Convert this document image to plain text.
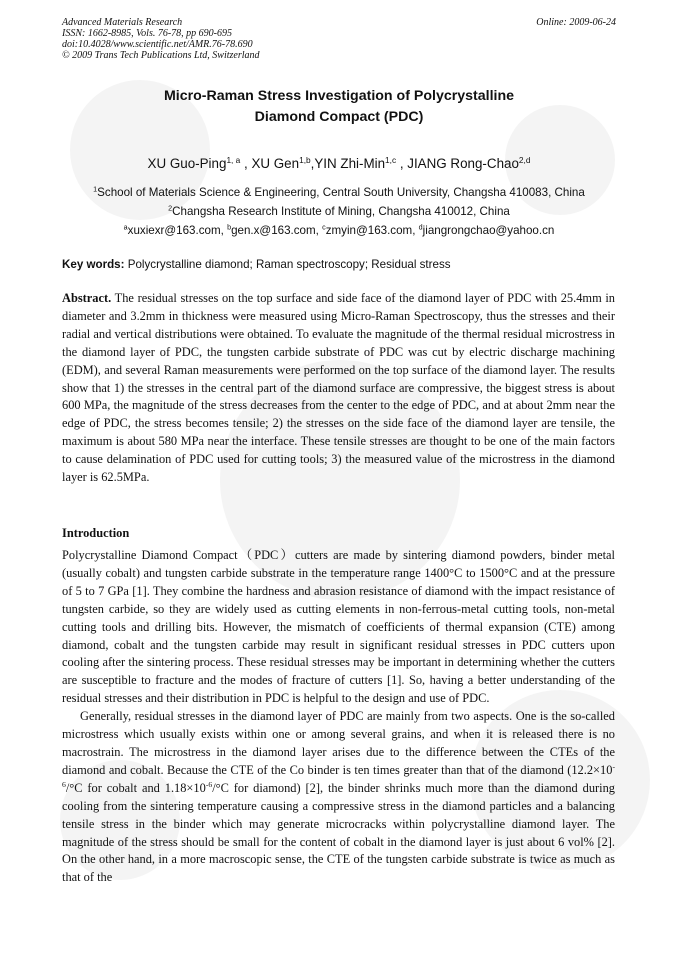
Advanced Materials Research
ISSN: 1662-8985, Vols. 76-78, pp 690-695
doi:10.4028/www.scientific.net/AMR.76-78.690
© 2009 Trans Tech Publications Ltd, Switzerland
Online: 2009-06-24
Micro-Raman Stress Investigation of Polycrystalline
Diamond Compact (PDC)
XU Guo-Ping$^{1, a}$ , XU Gen$^{1,b}$,YIN Zhi-Min$^{1,c}$ , JIANG Rong-Chao$^{2,d}$
$^1$School of Materials Science & Engineering, Central South University, Changsha 410083, China
$^2$Changsha Research Institute of Mining, Changsha 410012, China
$^a$xuxiexr@163.com, $^b$gen.x@163.com, $^c$zmyin@163.com, $^d$jiangrongchao@yahoo.cn
Key words: Polycrystalline diamond; Raman spectroscopy; Residual stress
Abstract. The residual stresses on the top surface and side face of the diamond layer of PDC with 25.4mm in diameter and 3.2mm in thickness were measured using Micro-Raman Spectroscopy, thus the stresses and their radial and vertical distributions were obtained. To evaluate the magnitude of the thermal residual microstress in the diamond layer of PDC, the tungsten carbide substrate of PDC was cut by electric discharge machining (EDM), and several Raman measurements were performed on the top surface of the diamond layer. The results show that 1) the stresses in the central part of the diamond surface are compressive, the biggest stress is about 600 MPa, the magnitude of the stress decreases from the center to the edge of PDC, and at about 2mm near the edge of PDC, the stress becomes tensile; 2) the stresses on the side face of the diamond layer are tensile, the maximum is about 580 MPa near the interface. These tensile stresses are thought to be one of the main factors to cause delamination of PDC used for cutting tools; 3) the measured value of the microstress in the diamond layer is 62.5MPa.
Introduction

Polycrystalline Diamond Compact（PDC）cutters are made by sintering diamond powders, binder metal (usually cobalt) and tungsten carbide substrate in the temperature range 1400°C to 1500°C and at the pressure of 5 to 7 GPa [1]. They combine the hardness and abrasion resistance of diamond with the impact resistance of tungsten carbide, so they are widely used as cutting elements in non-ferrous-metal cutting tools, non-metal cutting tools and drilling bits. However, the mismatch of coefficients of thermal expansion (CTE) among diamond, cobalt and the tungsten carbide may result in significant residual stresses in PDC cutters upon cooling after the sintering process. These residual stresses may be important in determining whether the cutters are susceptible to fracture and the modes of fracture of cutters [1]. So, having a better understanding of the residual stresses and their distribution in PDC is helpful to the design and use of PDC.

Generally, residual stresses in the diamond layer of PDC are mainly from two aspects. One is the so-called microstress which usually exists within one or among several grains, and when it is released there is no macrostrain. The microstress in the diamond layer arises due to the difference between the CTEs of the diamond and cobalt. Because the CTE of the Co binder is ten times greater than that of the diamond ($12.2\times 10^{-6}/^\circ C$ for cobalt and $1.18\times 10^{-6}/^\circ C$ for diamond) [2], the binder shrinks much more than the diamond during cooling from the sintering temperature causing a compressive stress in the diamond particles and a balancing tensile stress in the binder which may generate microcracks within polycrystalline diamond layer. The magnitude of the stress should be small for the content of cobalt in the diamond layer is just about 6 vol% [2]. On the other hand, in a more macroscopic sense, the CTE of the tungsten carbide substrate is twice as much as that of the
